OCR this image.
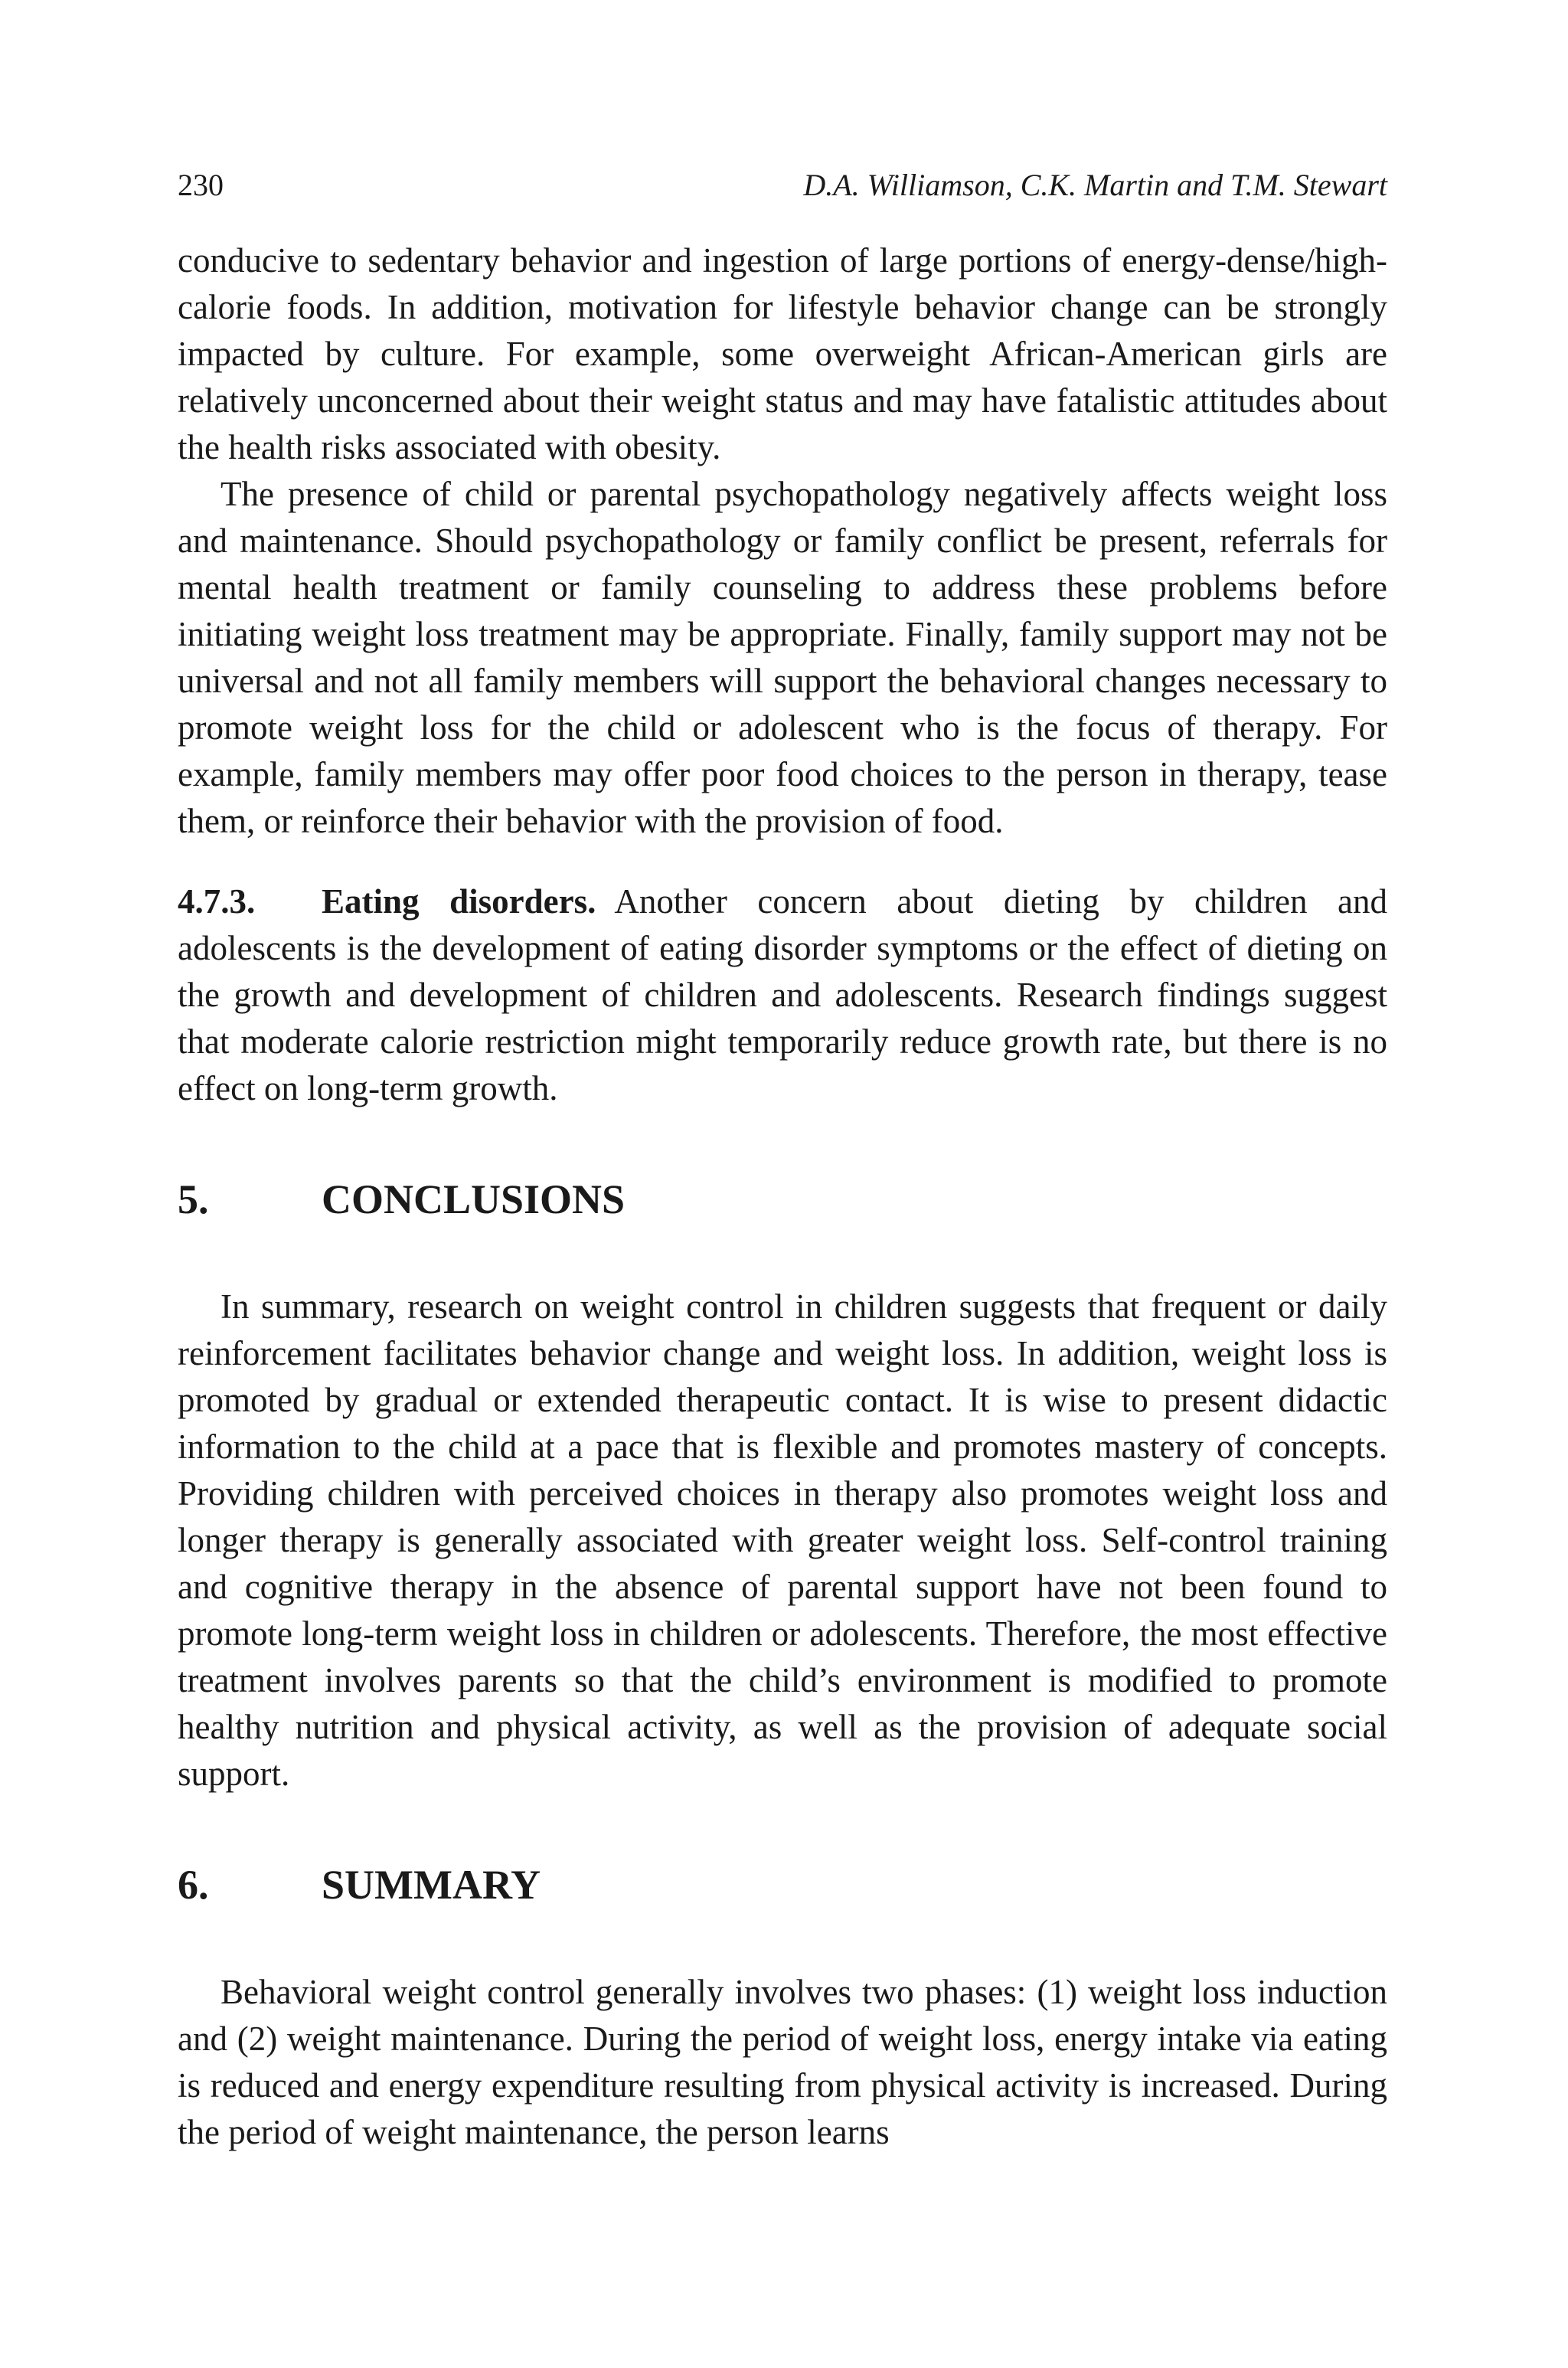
230	D.A. Williamson, C.K. Martin and T.M. Stewart

conducive to sedentary behavior and ingestion of large portions of energy-dense/high-calorie foods. In addition, motivation for lifestyle behavior change can be strongly impacted by culture. For example, some overweight African-American girls are relatively unconcerned about their weight status and may have fatalistic attitudes about the health risks associated with obesity.

The presence of child or parental psychopathology negatively affects weight loss and maintenance. Should psychopathology or family conflict be present, referrals for mental health treatment or family counseling to address these problems before initiating weight loss treatment may be appropriate. Finally, family support may not be universal and not all family members will support the behavioral changes necessary to promote weight loss for the child or adolescent who is the focus of therapy. For example, family members may offer poor food choices to the person in therapy, tease them, or reinforce their behavior with the provision of food.

4.7.3. Eating disorders. Another concern about dieting by children and adolescents is the development of eating disorder symptoms or the effect of dieting on the growth and development of children and adolescents. Research findings suggest that moderate calorie restriction might temporarily reduce growth rate, but there is no effect on long-term growth.

5.	CONCLUSIONS

In summary, research on weight control in children suggests that frequent or daily reinforcement facilitates behavior change and weight loss. In addition, weight loss is promoted by gradual or extended therapeutic contact. It is wise to present didactic information to the child at a pace that is flexible and promotes mastery of concepts. Providing children with perceived choices in therapy also promotes weight loss and longer therapy is generally associated with greater weight loss. Self-control training and cognitive therapy in the absence of parental support have not been found to promote long-term weight loss in children or adolescents. Therefore, the most effective treatment involves parents so that the child’s environment is modified to promote healthy nutrition and physical activity, as well as the provision of adequate social support.

6.	SUMMARY

Behavioral weight control generally involves two phases: (1) weight loss induction and (2) weight maintenance. During the period of weight loss, energy intake via eating is reduced and energy expenditure resulting from physical activity is increased. During the period of weight maintenance, the person learns
